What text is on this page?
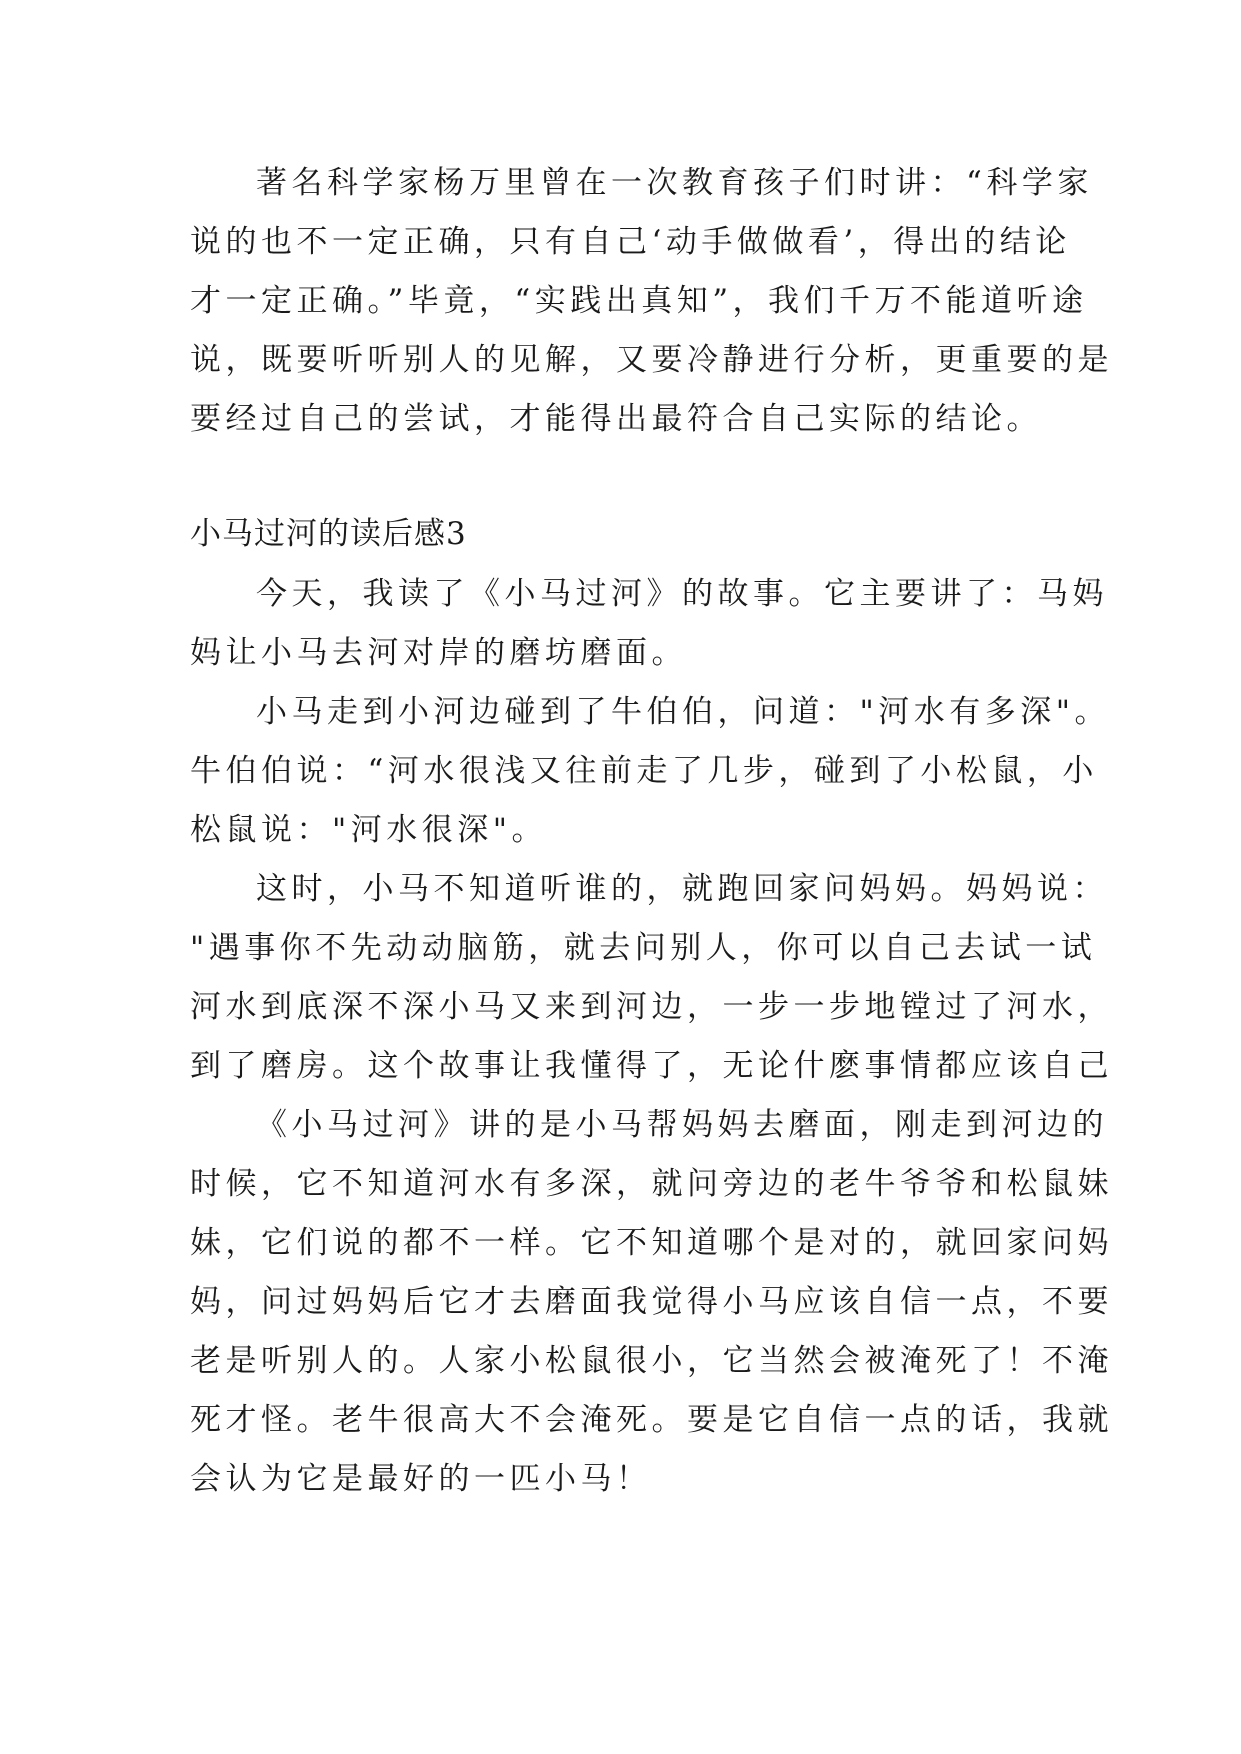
著名科学家杨万里曾在一次教育孩子们时讲：“科学家
说的也不一定正确，只有自己‘动手做做看’，得出的结论
才一定正确。”毕竟，“实践出真知”，我们千万不能道听途
说，既要听听别人的见解，又要冷静进行分析，更重要的是
要经过自己的尝试，才能得出最符合自己实际的结论。
小马过河的读后感3
今天，我读了《小马过河》的故事。它主要讲了：马妈
妈让小马去河对岸的磨坊磨面。
小马走到小河边碰到了牛伯伯，问道："河水有多深"。
牛伯伯说：“河水很浅又往前走了几步，碰到了小松鼠，小
松鼠说："河水很深"。
这时，小马不知道听谁的，就跑回家问妈妈。妈妈说：
"遇事你不先动动脑筋，就去问别人，你可以自己去试一试
河水到底深不深小马又来到河边，一步一步地镗过了河水，
到了磨房。这个故事让我懂得了，无论什麽事情都应该自己
《小马过河》讲的是小马帮妈妈去磨面，刚走到河边的
时候，它不知道河水有多深，就问旁边的老牛爷爷和松鼠妹
妹，它们说的都不一样。它不知道哪个是对的，就回家问妈
妈，问过妈妈后它才去磨面我觉得小马应该自信一点，不要
老是听别人的。人家小松鼠很小，它当然会被淹死了！不淹
死才怪。老牛很高大不会淹死。要是它自信一点的话，我就
会认为它是最好的一匹小马！
